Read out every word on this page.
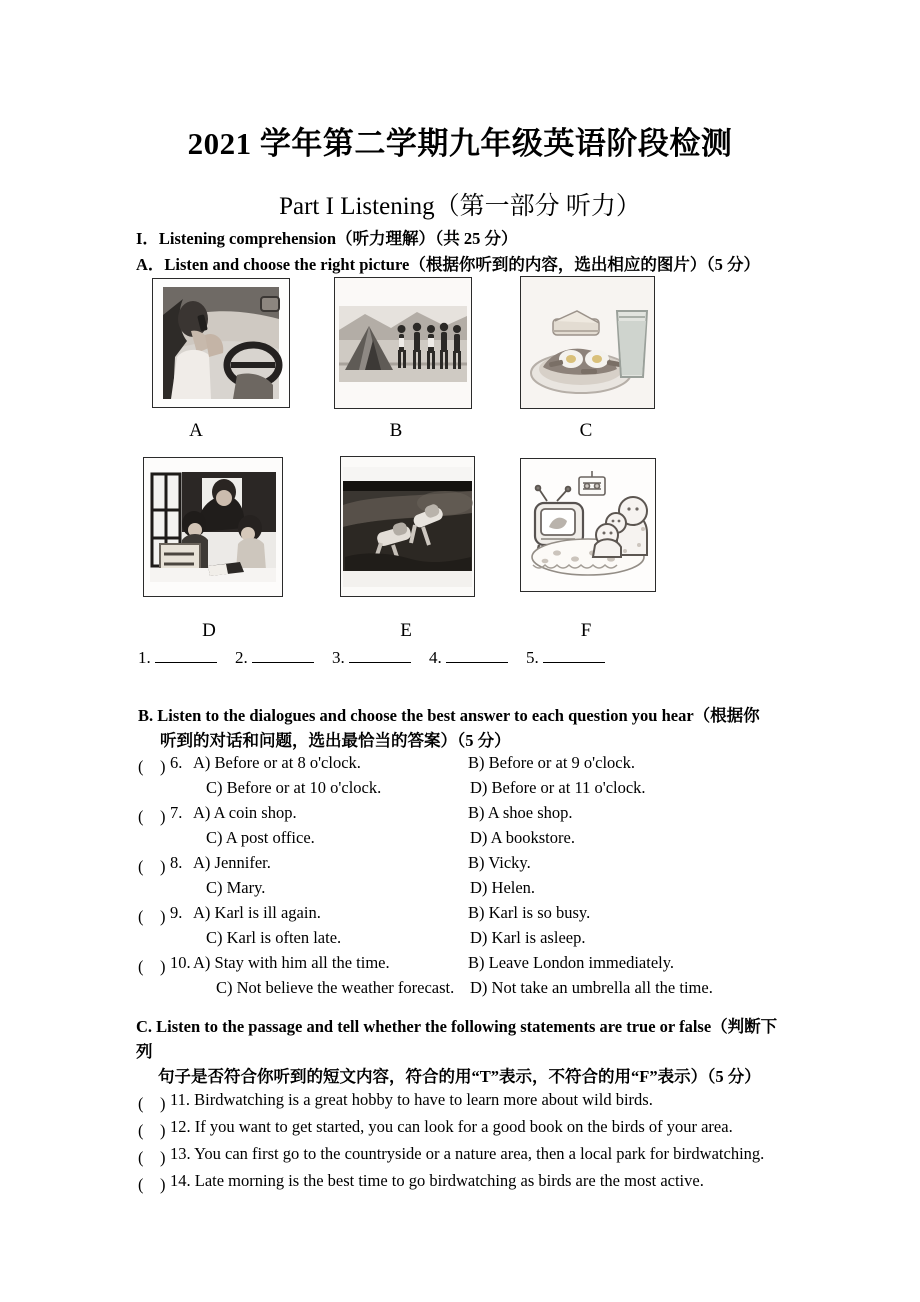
2021 学年第二学期九年级英语阶段检测
Part I Listening（第一部分 听力）
I．Listening comprehension（听力理解）（共 25 分）
A．Listen and choose the right picture（根据你听到的内容，选出相应的图片）（5 分）
A	B	C
D	E	F
1.	2.	3.	4.	5.
B. Listen to the dialogues and choose the best answer to each question you hear（根据你
听到的对话和问题，选出最恰当的答案）（5 分）
(　) 6. A) Before or at 8 o'clock.	B) Before or at 9 o'clock.
C) Before or at 10 o'clock.	D) Before or at 11 o'clock.
(　) 7. A) A coin shop.	B) A shoe shop.
C) A post office.	D) A bookstore.
(　) 8. A) Jennifer.	B) Vicky.
C) Mary.	D) Helen.
(　) 9. A) Karl is ill again.	B) Karl is so busy.
C) Karl is often late.	D) Karl is asleep.
(　) 10. A) Stay with him all the time.	B) Leave London immediately.
C) Not believe the weather forecast. D) Not take an umbrella all the time.
C. Listen to the passage and tell whether the following statements are true or false（判断下
列
句子是否符合你听到的短文内容，符合的用“T”表示，不符合的用“F”表示）（5 分）
(　) 11. Birdwatching is a great hobby to have to learn more about wild birds.
(　) 12. If you want to get started, you can look for a good book on the birds of your area.
(　) 13. You can first go to the countryside or a nature area, then a local park for birdwatching.
(　) 14. Late morning is the best time to go birdwatching as birds are the most active.
